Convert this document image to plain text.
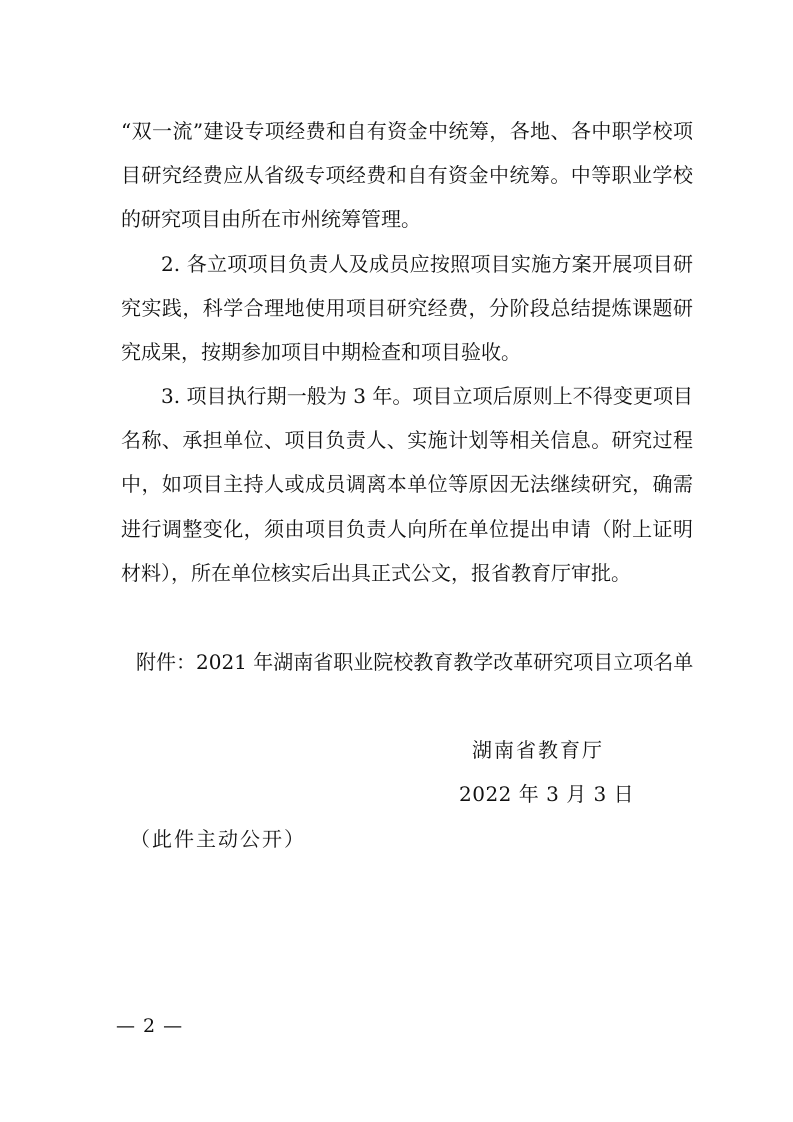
“双一流”建设专项经费和自有资金中统筹，各地、各中职学校项
目研究经费应从省级专项经费和自有资金中统筹。中等职业学校
的研究项目由所在市州统筹管理。
2. 各立项项目负责人及成员应按照项目实施方案开展项目研
究实践，科学合理地使用项目研究经费，分阶段总结提炼课题研
究成果，按期参加项目中期检查和项目验收。
3. 项目执行期一般为 3 年。项目立项后原则上不得变更项目
名称、承担单位、项目负责人、实施计划等相关信息。研究过程
中，如项目主持人或成员调离本单位等原因无法继续研究，确需
进行调整变化，须由项目负责人向所在单位提出申请（附上证明
材料），所在单位核实后出具正式公文，报省教育厅审批。
附件：2021 年湖南省职业院校教育教学改革研究项目立项名单
湖南省教育厅
2022 年 3 月 3 日
（此件主动公开）
— 2 —
